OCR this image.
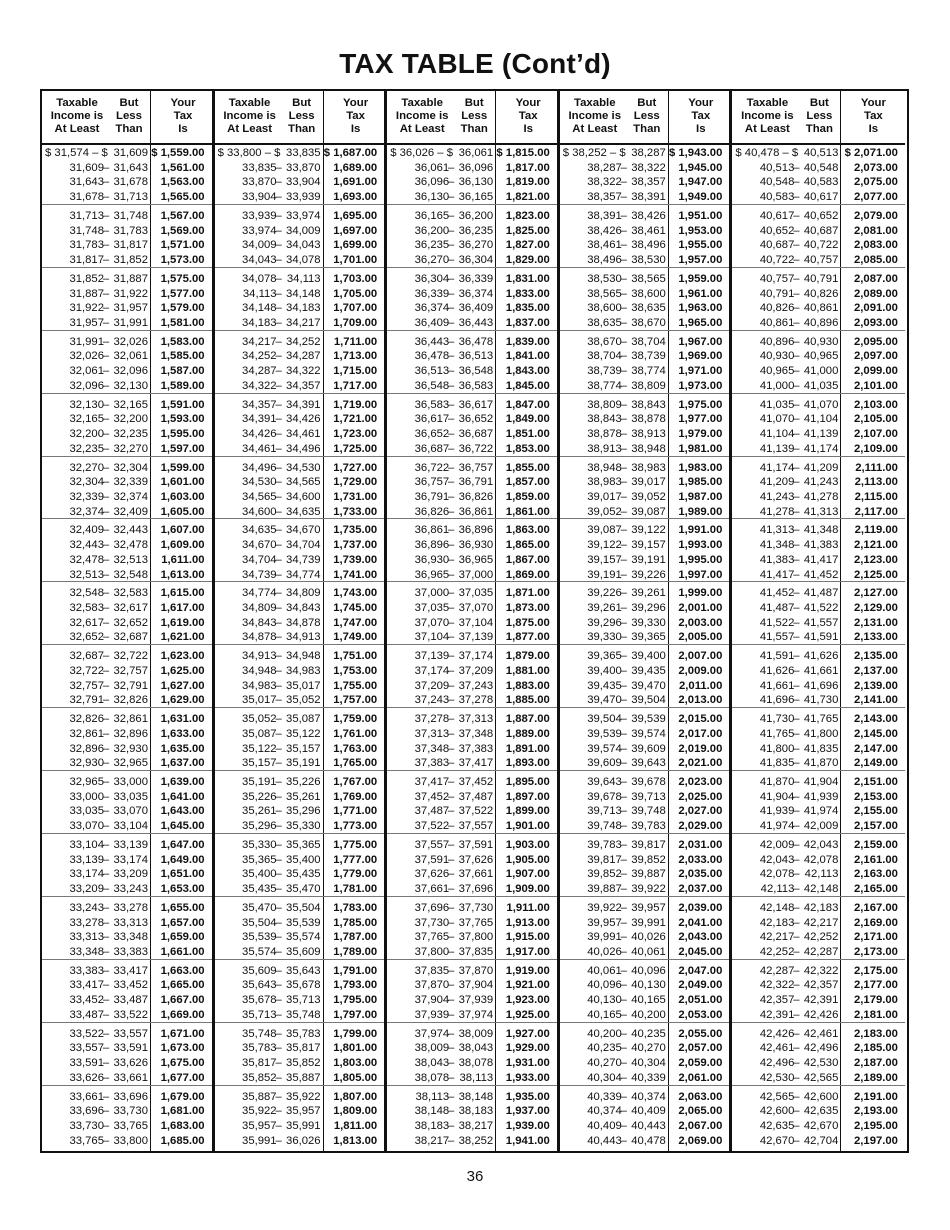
TAX TABLE (Cont’d)
Taxable
Income is
At Least
But
Less
Than
Your
Tax
Is
$ 31,574 – $ 31,609 $ 1,559.00
–
31,609 31,643 1,561.00
–
31,643 31,678 1,563.00
–
31,678 31,713 1,565.00
–
31,713 31,748 1,567.00
–
31,748 31,783 1,569.00
–
31,783 31,817 1,571.00
–
31,817 31,852 1,573.00
–
31,852 31,887 1,575.00
–
31,887 31,922 1,577.00
–
31,922 31,957 1,579.00
–
31,957 31,991 1,581.00
–
31,991 32,026 1,583.00
–
32,026 32,061 1,585.00
–
32,061 32,096 1,587.00
–
32,096 32,130 1,589.00
–
32,130 32,165 1,591.00
–
32,165 32,200 1,593.00
–
32,200 32,235 1,595.00
–
32,235 32,270 1,597.00
–
32,270 32,304 1,599.00
–
32,304 32,339 1,601.00
–
32,339 32,374 1,603.00
–
32,374 32,409 1,605.00
–
32,409 32,443 1,607.00
–
32,443 32,478 1,609.00
–
32,478 32,513 1,611.00
–
32,513 32,548 1,613.00
–
32,548 32,583 1,615.00
–
32,583 32,617 1,617.00
–
32,617 32,652 1,619.00
–
32,652 32,687 1,621.00
–
32,687 32,722 1,623.00
–
32,722 32,757 1,625.00
–
32,757 32,791 1,627.00
–
32,791 32,826 1,629.00
–
32,826 32,861 1,631.00
–
32,861 32,896 1,633.00
–
32,896 32,930 1,635.00
–
32,930 32,965 1,637.00
–
32,965 33,000 1,639.00
–
33,000 33,035 1,641.00
–
33,035 33,070 1,643.00
–
33,070 33,104 1,645.00
–
33,104 33,139 1,647.00
–
33,139 33,174 1,649.00
–
33,174 33,209 1,651.00
–
33,209 33,243 1,653.00
–
33,243 33,278 1,655.00
–
33,278 33,313 1,657.00
–
33,313 33,348 1,659.00
–
33,348 33,383 1,661.00
–
33,383 33,417 1,663.00
–
33,417 33,452 1,665.00
–
33,452 33,487 1,667.00
–
33,487 33,522 1,669.00
–
33,522 33,557 1,671.00
–
33,557 33,591 1,673.00
–
33,591 33,626 1,675.00
–
33,626 33,661 1,677.00
–
33,661 33,696 1,679.00
–
33,696 33,730 1,681.00
–
33,730 33,765 1,683.00
–
33,765 33,800 1,685.00
Taxable
Income is
At Least
But
Less
Than
Your
Tax
Is
$ 33,800 – $ 33,835 $ 1,687.00
–
33,835 33,870 1,689.00
–
33,870 33,904 1,691.00
–
33,904 33,939 1,693.00
–
33,939 33,974 1,695.00
–
33,974 34,009 1,697.00
–
34,009 34,043 1,699.00
–
34,043 34,078 1,701.00
–
34,078 34,113 1,703.00
–
34,113 34,148 1,705.00
–
34,148 34,183 1,707.00
–
34,183 34,217 1,709.00
–
34,217 34,252 1,711.00
–
34,252 34,287 1,713.00
–
34,287 34,322 1,715.00
–
34,322 34,357 1,717.00
–
34,357 34,391 1,719.00
–
34,391 34,426 1,721.00
–
34,426 34,461 1,723.00
–
34,461 34,496 1,725.00
–
34,496 34,530 1,727.00
–
34,530 34,565 1,729.00
–
34,565 34,600 1,731.00
–
34,600 34,635 1,733.00
–
34,635 34,670 1,735.00
–
34,670 34,704 1,737.00
–
34,704 34,739 1,739.00
–
34,739 34,774 1,741.00
–
34,774 34,809 1,743.00
–
34,809 34,843 1,745.00
–
34,843 34,878 1,747.00
–
34,878 34,913 1,749.00
–
34,913 34,948 1,751.00
–
34,948 34,983 1,753.00
–
34,983 35,017 1,755.00
–
35,017 35,052 1,757.00
–
35,052 35,087 1,759.00
–
35,087 35,122 1,761.00
–
35,122 35,157 1,763.00
–
35,157 35,191 1,765.00
–
35,191 35,226 1,767.00
–
35,226 35,261 1,769.00
–
35,261 35,296 1,771.00
–
35,296 35,330 1,773.00
–
35,330 35,365 1,775.00
–
35,365 35,400 1,777.00
–
35,400 35,435 1,779.00
–
35,435 35,470 1,781.00
–
35,470 35,504 1,783.00
–
35,504 35,539 1,785.00
–
35,539 35,574 1,787.00
–
35,574 35,609 1,789.00
–
35,609 35,643 1,791.00
–
35,643 35,678 1,793.00
–
35,678 35,713 1,795.00
–
35,713 35,748 1,797.00
–
35,748 35,783 1,799.00
–
35,783 35,817 1,801.00
–
35,817 35,852 1,803.00
–
35,852 35,887 1,805.00
–
35,887 35,922 1,807.00
–
35,922 35,957 1,809.00
–
35,957 35,991 1,811.00
–
35,991 36,026 1,813.00
Taxable
Income is
At Least
But
Less
Than
Your
Tax
Is
$ 36,026 – $ 36,061 $ 1,815.00
–
36,061 36,096 1,817.00
–
36,096 36,130 1,819.00
–
36,130 36,165 1,821.00
–
36,165 36,200 1,823.00
–
36,200 36,235 1,825.00
–
36,235 36,270 1,827.00
–
36,270 36,304 1,829.00
–
36,304 36,339 1,831.00
–
36,339 36,374 1,833.00
–
36,374 36,409 1,835.00
–
36,409 36,443 1,837.00
–
36,443 36,478 1,839.00
–
36,478 36,513 1,841.00
–
36,513 36,548 1,843.00
–
36,548 36,583 1,845.00
–
36,583 36,617 1,847.00
–
36,617 36,652 1,849.00
–
36,652 36,687 1,851.00
–
36,687 36,722 1,853.00
–
36,722 36,757 1,855.00
–
36,757 36,791 1,857.00
–
36,791 36,826 1,859.00
–
36,826 36,861 1,861.00
–
36,861 36,896 1,863.00
–
36,896 36,930 1,865.00
–
36,930 36,965 1,867.00
–
36,965 37,000 1,869.00
–
37,000 37,035 1,871.00
–
37,035 37,070 1,873.00
–
37,070 37,104 1,875.00
–
37,104 37,139 1,877.00
–
37,139 37,174 1,879.00
–
37,174 37,209 1,881.00
–
37,209 37,243 1,883.00
–
37,243 37,278 1,885.00
–
37,278 37,313 1,887.00
–
37,313 37,348 1,889.00
–
37,348 37,383 1,891.00
–
37,383 37,417 1,893.00
–
37,417 37,452 1,895.00
–
37,452 37,487 1,897.00
–
37,487 37,522 1,899.00
–
37,522 37,557 1,901.00
–
37,557 37,591 1,903.00
–
37,591 37,626 1,905.00
–
37,626 37,661 1,907.00
–
37,661 37,696 1,909.00
–
37,696 37,730 1,911.00
–
37,730 37,765 1,913.00
–
37,765 37,800 1,915.00
–
37,800 37,835 1,917.00
–
37,835 37,870 1,919.00
–
37,870 37,904 1,921.00
–
37,904 37,939 1,923.00
–
37,939 37,974 1,925.00
–
37,974 38,009 1,927.00
–
38,009 38,043 1,929.00
–
38,043 38,078 1,931.00
–
38,078 38,113 1,933.00
–
38,113 38,148 1,935.00
–
38,148 38,183 1,937.00
–
38,183 38,217 1,939.00
–
38,217 38,252 1,941.00
Taxable
Income is
At Least
But
Less
Than
Your
Tax
Is
$ 38,252 – $ 38,287 $ 1,943.00
–
38,287 38,322 1,945.00
–
38,322 38,357 1,947.00
–
38,357 38,391 1,949.00
–
38,391 38,426 1,951.00
–
38,426 38,461 1,953.00
–
38,461 38,496 1,955.00
–
38,496 38,530 1,957.00
–
38,530 38,565 1,959.00
–
38,565 38,600 1,961.00
–
38,600 38,635 1,963.00
–
38,635 38,670 1,965.00
–
38,670 38,704 1,967.00
–
38,704 38,739 1,969.00
–
38,739 38,774 1,971.00
–
38,774 38,809 1,973.00
–
38,809 38,843 1,975.00
–
38,843 38,878 1,977.00
–
38,878 38,913 1,979.00
–
38,913 38,948 1,981.00
–
38,948 38,983 1,983.00
–
38,983 39,017 1,985.00
–
39,017 39,052 1,987.00
–
39,052 39,087 1,989.00
–
39,087 39,122 1,991.00
–
39,122 39,157 1,993.00
–
39,157 39,191 1,995.00
–
39,191 39,226 1,997.00
–
39,226 39,261 1,999.00
–
39,261 39,296 2,001.00
–
39,296 39,330 2,003.00
–
39,330 39,365 2,005.00
–
39,365 39,400 2,007.00
–
39,400 39,435 2,009.00
–
39,435 39,470 2,011.00
–
39,470 39,504 2,013.00
–
39,504 39,539 2,015.00
–
39,539 39,574 2,017.00
–
39,574 39,609 2,019.00
–
39,609 39,643 2,021.00
–
39,643 39,678 2,023.00
–
39,678 39,713 2,025.00
–
39,713 39,748 2,027.00
–
39,748 39,783 2,029.00
–
39,783 39,817 2,031.00
–
39,817 39,852 2,033.00
–
39,852 39,887 2,035.00
–
39,887 39,922 2,037.00
–
39,922 39,957 2,039.00
–
39,957 39,991 2,041.00
–
39,991 40,026 2,043.00
–
40,026 40,061 2,045.00
–
40,061 40,096 2,047.00
–
40,096 40,130 2,049.00
–
40,130 40,165 2,051.00
–
40,165 40,200 2,053.00
–
40,200 40,235 2,055.00
–
40,235 40,270 2,057.00
–
40,270 40,304 2,059.00
–
40,304 40,339 2,061.00
–
40,339 40,374 2,063.00
–
40,374 40,409 2,065.00
–
40,409 40,443 2,067.00
–
40,443 40,478 2,069.00
Taxable
Income is
At Least
But
Less
Than
Your
Tax
Is
$ 40,478 – $ 40,513 $ 2,071.00
–
40,513 40,548 2,073.00
–
40,548 40,583 2,075.00
–
40,583 40,617 2,077.00
–
40,617 40,652 2,079.00
–
40,652 40,687 2,081.00
–
40,687 40,722 2,083.00
–
40,722 40,757 2,085.00
–
40,757 40,791 2,087.00
–
40,791 40,826 2,089.00
–
40,826 40,861 2,091.00
–
40,861 40,896 2,093.00
–
40,896 40,930 2,095.00
–
40,930 40,965 2,097.00
–
40,965 41,000 2,099.00
–
41,000 41,035 2,101.00
–
41,035 41,070 2,103.00
–
41,070 41,104 2,105.00
–
41,104 41,139 2,107.00
–
41,139 41,174 2,109.00
–
41,174 41,209 2,111.00
–
41,209 41,243 2,113.00
–
41,243 41,278 2,115.00
–
41,278 41,313 2,117.00
–
41,313 41,348 2,119.00
–
41,348 41,383 2,121.00
–
41,383 41,417 2,123.00
–
41,417 41,452 2,125.00
–
41,452 41,487 2,127.00
–
41,487 41,522 2,129.00
–
41,522 41,557 2,131.00
–
41,557 41,591 2,133.00
–
41,591 41,626 2,135.00
–
41,626 41,661 2,137.00
–
41,661 41,696 2,139.00
–
41,696 41,730 2,141.00
–
41,730 41,765 2,143.00
–
41,765 41,800 2,145.00
–
41,800 41,835 2,147.00
–
41,835 41,870 2,149.00
–
41,870 41,904 2,151.00
–
41,904 41,939 2,153.00
–
41,939 41,974 2,155.00
–
41,974 42,009 2,157.00
–
42,009 42,043 2,159.00
–
42,043 42,078 2,161.00
–
42,078 42,113 2,163.00
–
42,113 42,148 2,165.00
–
42,148 42,183 2,167.00
–
42,183 42,217 2,169.00
–
42,217 42,252 2,171.00
–
42,252 42,287 2,173.00
–
42,287 42,322 2,175.00
–
42,322 42,357 2,177.00
–
42,357 42,391 2,179.00
–
42,391 42,426 2,181.00
–
42,426 42,461 2,183.00
–
42,461 42,496 2,185.00
–
42,496 42,530 2,187.00
–
42,530 42,565 2,189.00
–
42,565 42,600 2,191.00
–
42,600 42,635 2,193.00
–
42,635 42,670 2,195.00
–
42,670 42,704 2,197.00
36
